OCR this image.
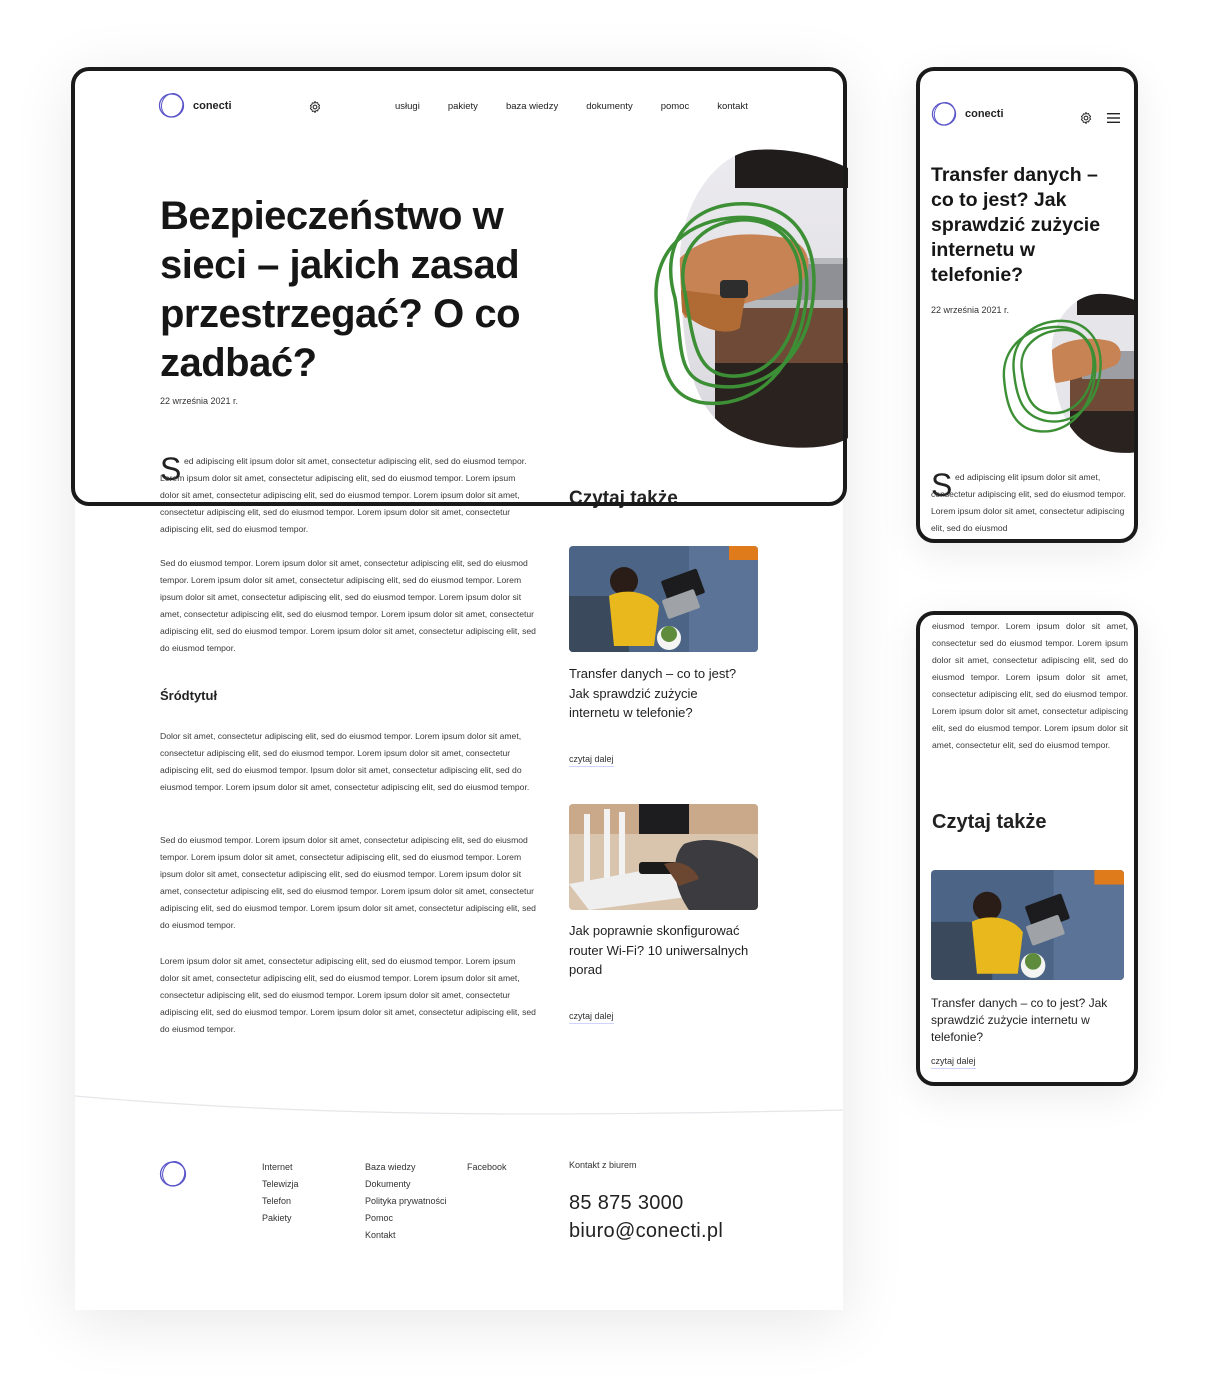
conecti	usługi	pakiety	baza wiedzy	dokumenty	pomoc	kontakt
Bezpieczeństwo w sieci – jakich zasad przestrzegać? O co zadbać?
22 września 2021 r.
S ed adipiscing elit ipsum dolor sit amet, consectetur adipiscing elit, sed do eiusmod tempor. Lorem ipsum dolor sit amet, consectetur adipiscing elit, sed do eiusmod tempor. Lorem ipsum dolor sit amet, consectetur adipiscing elit, sed do eiusmod tempor. Lorem ipsum dolor sit amet, consectetur adipiscing elit, sed do eiusmod tempor. Lorem ipsum dolor sit amet, consectetur adipiscing elit, sed do eiusmod tempor.

Sed do eiusmod tempor. Lorem ipsum dolor sit amet, consectetur adipiscing elit, sed do eiusmod tempor. Lorem ipsum dolor sit amet, consectetur adipiscing elit, sed do eiusmod tempor. Lorem ipsum dolor sit amet, consectetur adipiscing elit, sed do eiusmod tempor. Lorem ipsum dolor sit amet, consectetur adipiscing elit, sed do eiusmod tempor. Lorem ipsum dolor sit amet, consectetur adipiscing elit, sed do eiusmod tempor. Lorem ipsum dolor sit amet, consectetur adipiscing elit, sed do eiusmod tempor.

Śródtytuł

Dolor sit amet, consectetur adipiscing elit, sed do eiusmod tempor. Lorem ipsum dolor sit amet, consectetur adipiscing elit, sed do eiusmod tempor. Lorem ipsum dolor sit amet, consectetur adipiscing elit, sed do eiusmod tempor. Ipsum dolor sit amet, consectetur adipiscing elit, sed do eiusmod tempor. Lorem ipsum dolor sit amet, consectetur adipiscing elit, sed do eiusmod tempor.

Sed do eiusmod tempor. Lorem ipsum dolor sit amet, consectetur adipiscing elit, sed do eiusmod tempor. Lorem ipsum dolor sit amet, consectetur adipiscing elit, sed do eiusmod tempor. Lorem ipsum dolor sit amet, consectetur adipiscing elit, sed do eiusmod tempor. Lorem ipsum dolor sit amet, consectetur adipiscing elit, sed do eiusmod tempor. Lorem ipsum dolor sit amet, consectetur adipiscing elit, sed do eiusmod tempor. Lorem ipsum dolor sit amet, consectetur adipiscing elit, sed do eiusmod tempor.

Lorem ipsum dolor sit amet, consectetur adipiscing elit, sed do eiusmod tempor. Lorem ipsum dolor sit amet, consectetur adipiscing elit, sed do eiusmod tempor. Lorem ipsum dolor sit amet, consectetur adipiscing elit, sed do eiusmod tempor. Lorem ipsum dolor sit amet, consectetur adipiscing elit, sed do eiusmod tempor. Lorem ipsum dolor sit amet, consectetur adipiscing elit, sed do eiusmod tempor.

Czytaj także
Transfer danych – co to jest? Jak sprawdzić zużycie internetu w telefonie?
czytaj dalej
Jak poprawnie skonfigurować router Wi-Fi? 10 uniwersalnych porad
czytaj dalej
Internet
Telewizja
Telefon
Pakiety
Baza wiedzy
Dokumenty
Polityka prywatności
Pomoc
Kontakt
Facebook	Kontakt z biurem
85 875 3000
biuro@conecti.pl
conecti
Transfer danych – co to jest? Jak sprawdzić zużycie internetu w telefonie?
22 września 2021 r.
S ed adipiscing elit ipsum dolor sit amet, consectetur adipiscing elit, sed do eiusmod tempor. Lorem ipsum dolor sit amet, consectetur adipiscing elit, sed do eiusmod

eiusmod tempor. Lorem ipsum dolor sit amet, consectetur sed do eiusmod tempor. Lorem ipsum dolor sit amet, consectetur adipiscing elit, sed do eiusmod tempor. Lorem ipsum dolor sit amet, consectetur adipiscing elit, sed do eiusmod tempor. Lorem ipsum dolor sit amet, consectetur adipiscing elit, sed do eiusmod tempor. Lorem ipsum dolor sit amet, consectetur elit, sed do eiusmod tempor.

Czytaj także
Transfer danych – co to jest? Jak sprawdzić zużycie internetu w telefonie?
czytaj dalej
